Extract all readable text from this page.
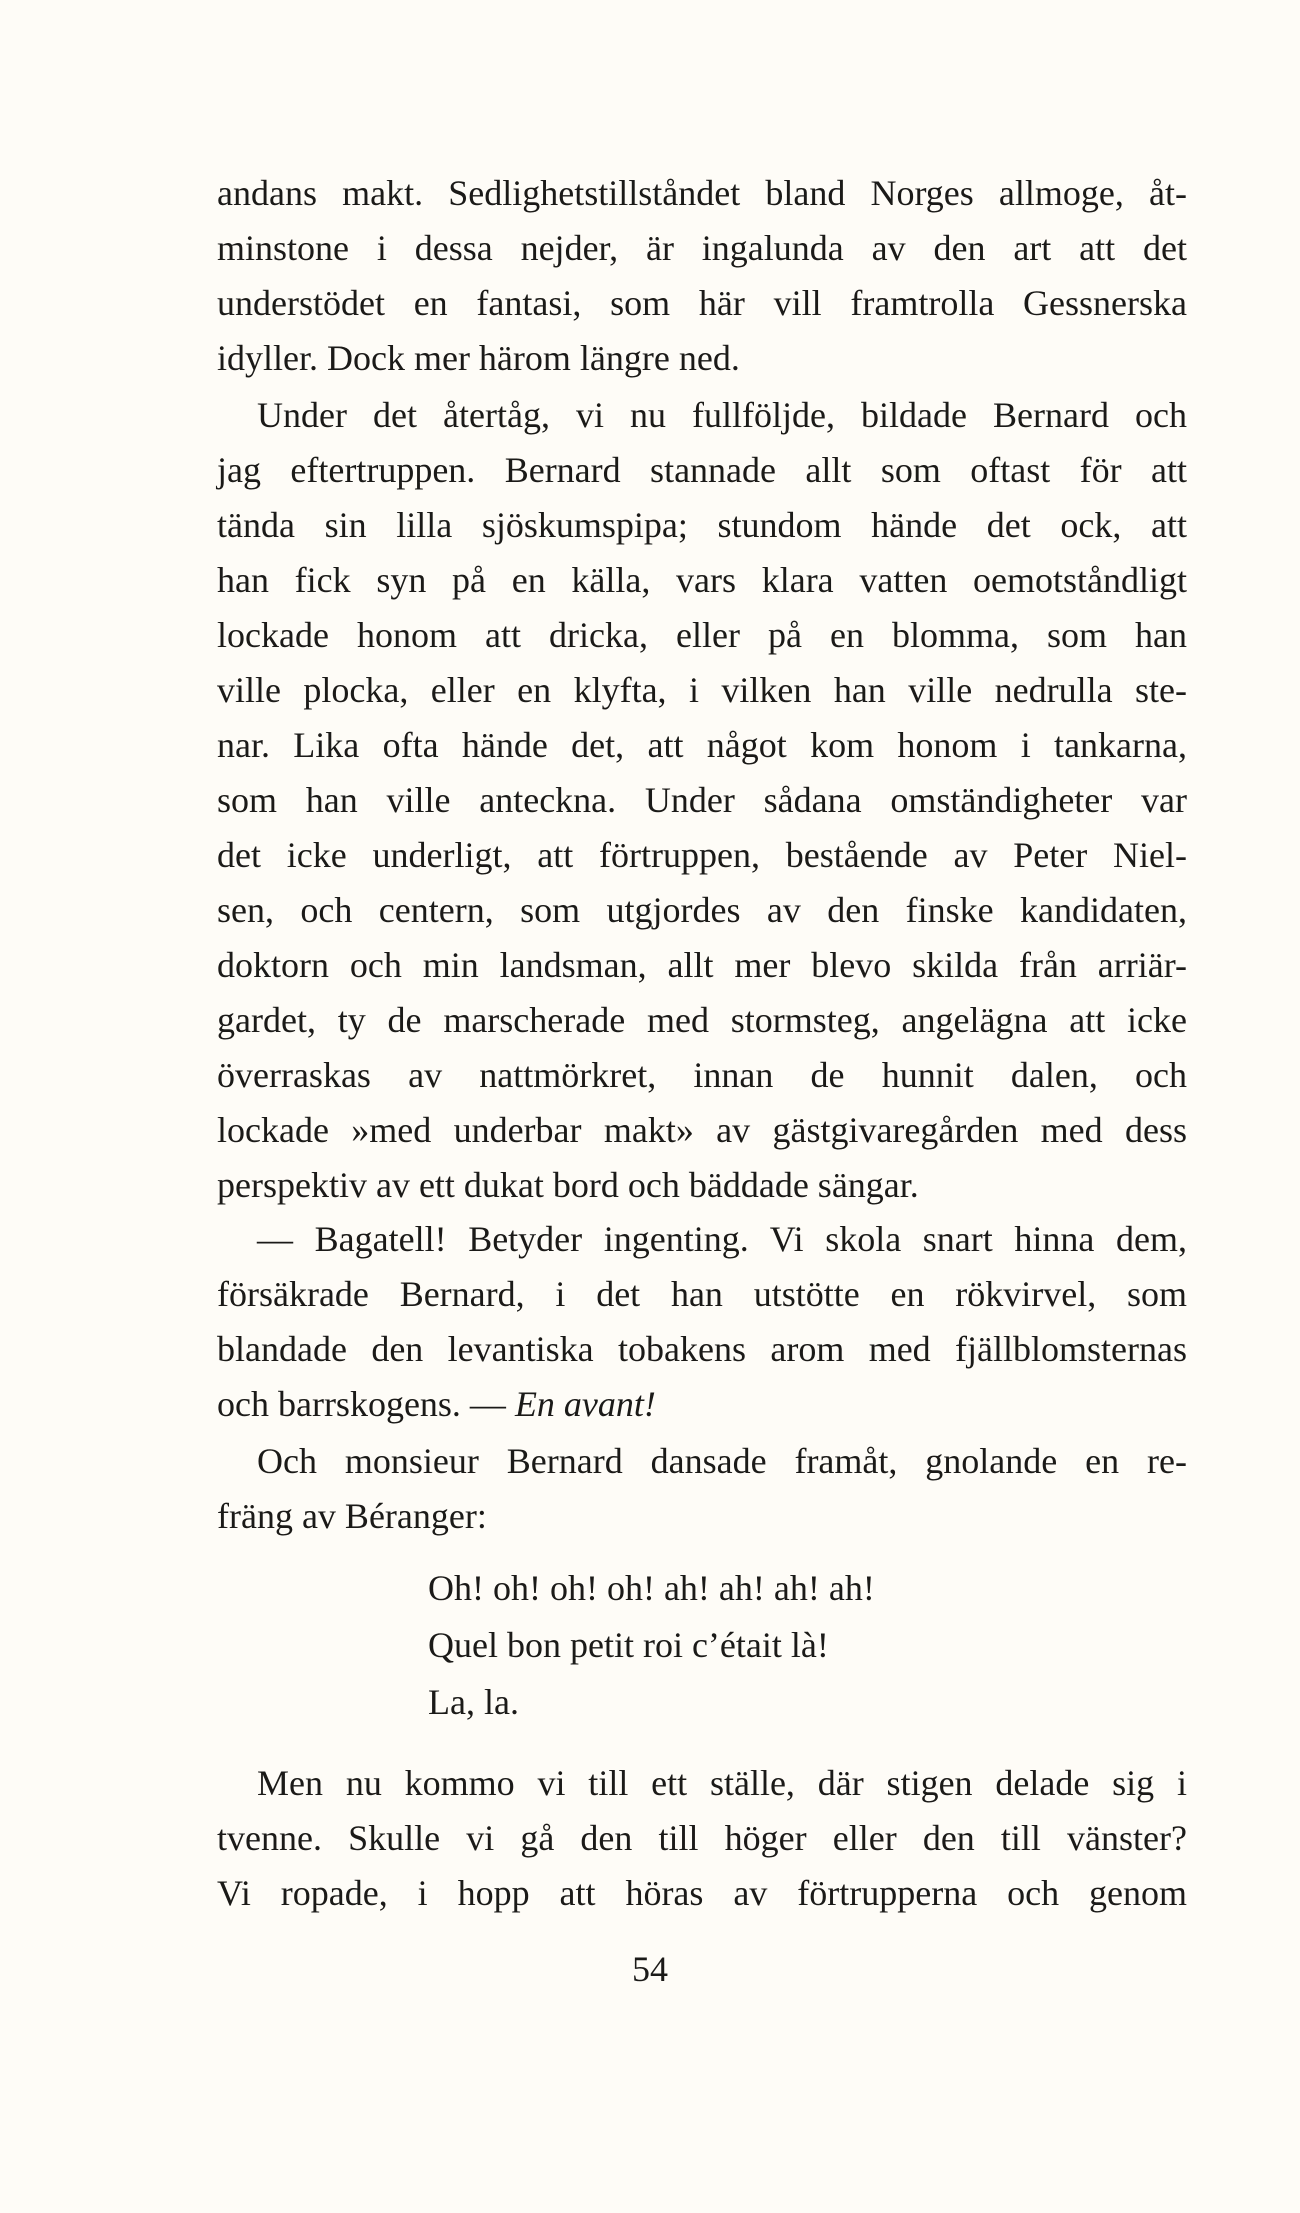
andans makt. Sedlighetstillståndet bland Norges allmoge, åt-
minstone i dessa nejder, är ingalunda av den art att det
understödet en fantasi, som här vill framtrolla Gessnerska
idyller. Dock mer härom längre ned.
Under det återtåg, vi nu fullföljde, bildade Bernard och
jag eftertruppen. Bernard stannade allt som oftast för att
tända sin lilla sjöskumspipa; stundom hände det ock, att
han fick syn på en källa, vars klara vatten oemotståndligt
lockade honom att dricka, eller på en blomma, som han
ville plocka, eller en klyfta, i vilken han ville nedrulla ste-
nar. Lika ofta hände det, att något kom honom i tankarna,
som han ville anteckna. Under sådana omständigheter var
det icke underligt, att förtruppen, bestående av Peter Niel-
sen, och centern, som utgjordes av den finske kandidaten,
doktorn och min landsman, allt mer blevo skilda från arriär-
gardet, ty de marscherade med stormsteg, angelägna att icke
överraskas av nattmörkret, innan de hunnit dalen, och
lockade »med underbar makt» av gästgivaregården med dess
perspektiv av ett dukat bord och bäddade sängar.
— Bagatell! Betyder ingenting. Vi skola snart hinna dem,
försäkrade Bernard, i det han utstötte en rökvirvel, som
blandade den levantiska tobakens arom med fjällblomsternas
och barrskogens. — En avant!
Och monsieur Bernard dansade framåt, gnolande en re-
fräng av Béranger:
Oh! oh! oh! oh! ah! ah! ah! ah!
Quel bon petit roi c’était là!
La, la.
Men nu kommo vi till ett ställe, där stigen delade sig i
tvenne. Skulle vi gå den till höger eller den till vänster?
Vi ropade, i hopp att höras av förtrupperna och genom
54
